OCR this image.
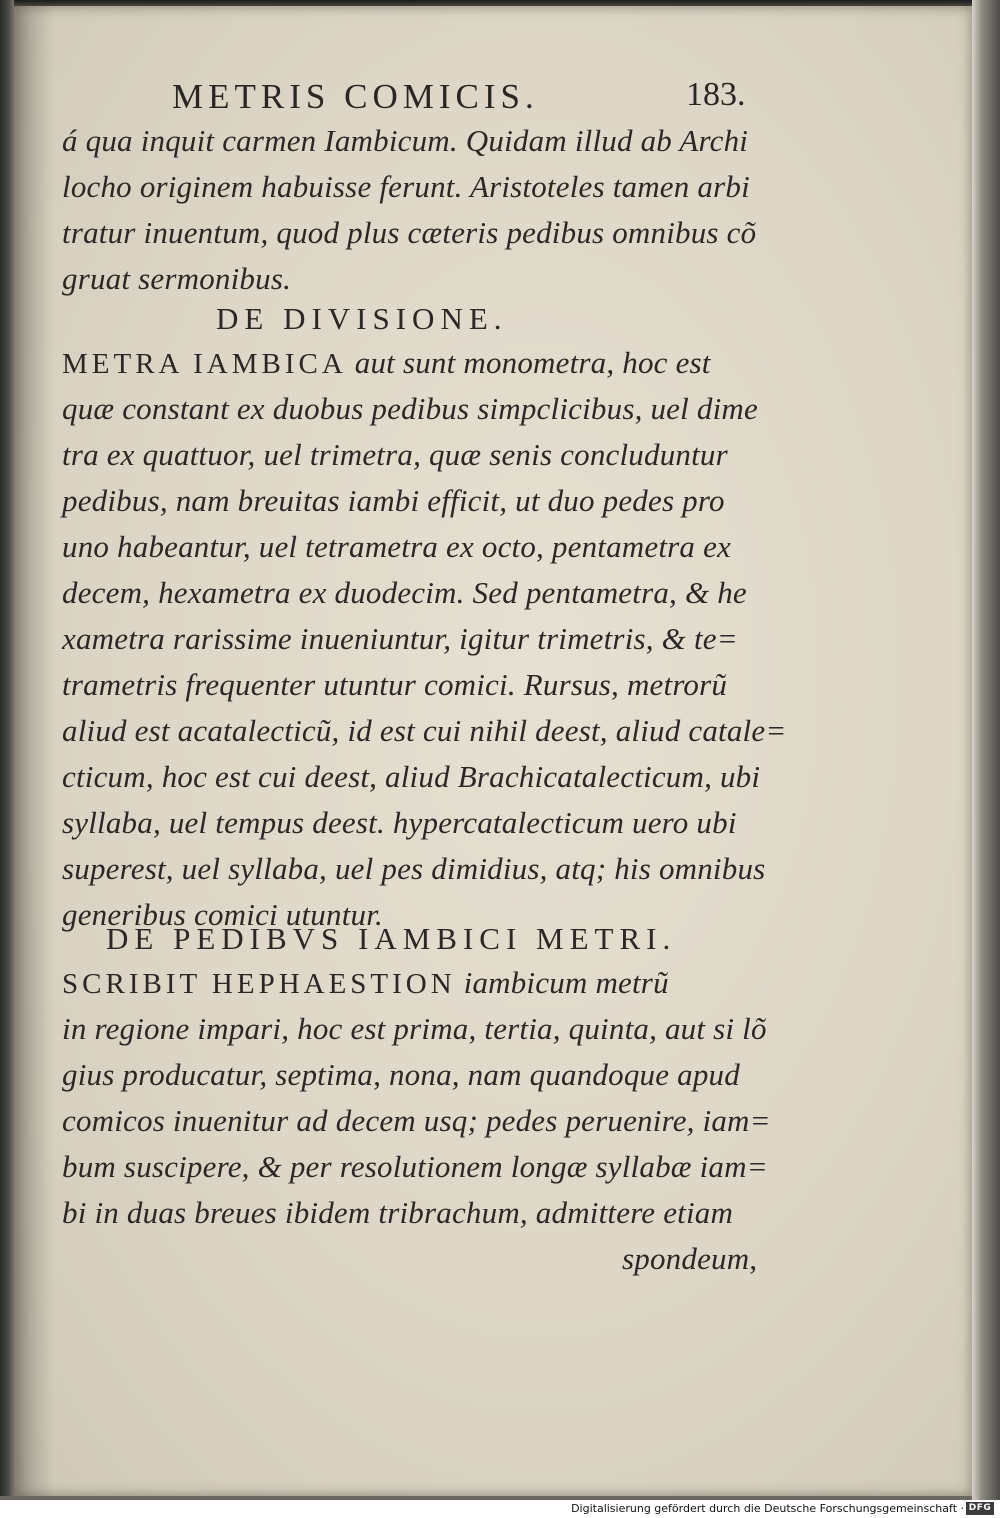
METRIS COMICIS.	183.
á qua inquit carmen Iambicum. Quidam illud ab Archi
locho originem habuisse ferunt. Aristoteles tamen arbi
tratur inuentum, quod plus cæteris pedibus omnibus cõ
gruat sermonibus.
DE DIVISIONE.
METRA IAMBICA aut sunt monometra, hoc est
quæ constant ex duobus pedibus simpclicibus, uel dime
tra ex quattuor, uel trimetra, quæ senis concluduntur
pedibus, nam breuitas iambi efficit, ut duo pedes pro
uno habeantur, uel tetrametra ex octo, pentametra ex
decem, hexametra ex duodecim. Sed pentametra, & he
xametra rarissime inueniuntur, igitur trimetris, & te=
trametris frequenter utuntur comici. Rursus, metrorũ
aliud est acatalecticũ, id est cui nihil deest, aliud catale=
cticum, hoc est cui deest, aliud Brachicatalecticum, ubi
syllaba, uel tempus deest. hypercatalecticum uero ubi
superest, uel syllaba, uel pes dimidius, atq; his omnibus
generibus comici utuntur.
DE PEDIBVS IAMBICI METRI.
SCRIBIT HEPHAESTION iambicum metrũ
in regione impari, hoc est prima, tertia, quinta, aut si lõ
gius producatur, septima, nona, nam quandoque apud
comicos inuenitur ad decem usq; pedes peruenire, iam=
bum suscipere, & per resolutionem longæ syllabæ iam=
bi in duas breues ibidem tribrachum, admittere etiam
spondeum,
Digitalisierung gefördert durch die Deutsche Forschungsgemeinschaft · DFG
